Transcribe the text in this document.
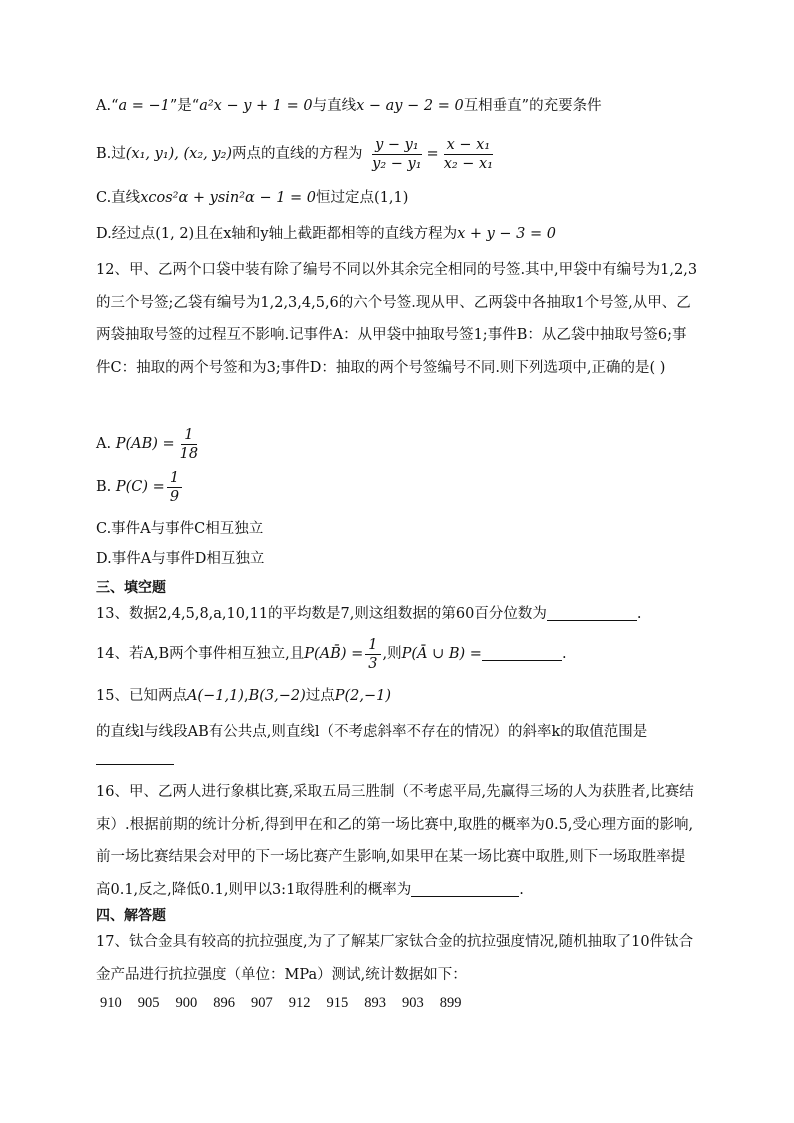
A.“a = −1”是“a²x − y + 1 = 0与直线x − ay − 2 = 0互相垂直”的充要条件
B.过(x₁, y₁), (x₂, y₂)两点的直线的方程为 $\frac{\text{y − y₁}}{\text{y₂ − y₁}} = \frac{\text{x − x₁}}{\text{x₂ − x₁}}$
C.直线xcos²α + ysin²α − 1 = 0恒过定点(1,1)
D.经过点(1, 2)且在x轴和y轴上截距都相等的直线方程为x + y − 3 = 0
12、甲、乙两个口袋中装有除了编号不同以外其余完全相同的号签.其中,甲袋中有编号为1,2,3的三个号签;乙袋有编号为1,2,3,4,5,6的六个号签.现从甲、乙两袋中各抽取1个号签,从甲、乙两袋抽取号签的过程互不影响.记事件A：从甲袋中抽取号签1;事件B：从乙袋中抽取号签6;事件C：抽取的两个号签和为3;事件D：抽取的两个号签编号不同.则下列选项中,正确的是( )
A. $P(AB) = \frac{1}{18}$
B. $P(C) = \frac{1}{9}$
C.事件A与事件C相互独立
D.事件A与事件D相互独立
三、填空题
13、数据2,4,5,8,a,10,11的平均数是7,则这组数据的第60百分位数为	.
14、若A,B两个事件相互独立,且P(AB̄) = $\frac{1}{3}$ ,则P(Ā ∪ B) =	.
15、已知两点A(−1,1),B(3,−2)过点P(2,−1)
的直线l与线段AB有公共点,则直线l（不考虑斜率不存在的情况）的斜率k的取值范围是
16、甲、乙两人进行象棋比赛,采取五局三胜制（不考虑平局,先赢得三场的人为获胜者,比赛结束）.根据前期的统计分析,得到甲在和乙的第一场比赛中,取胜的概率为0.5,受心理方面的影响,前一场比赛结果会对甲的下一场比赛产生影响,如果甲在某一场比赛中取胜,则下一场取胜率提高0.1,反之,降低0.1,则甲以3:1取得胜利的概率为	.
四、解答题
17、钛合金具有较高的抗拉强度,为了了解某厂家钛合金的抗拉强度情况,随机抽取了10件钛合金产品进行抗拉强度（单位：MPa）测试,统计数据如下：
910 905 900 896 907 912 915 893 903 899
